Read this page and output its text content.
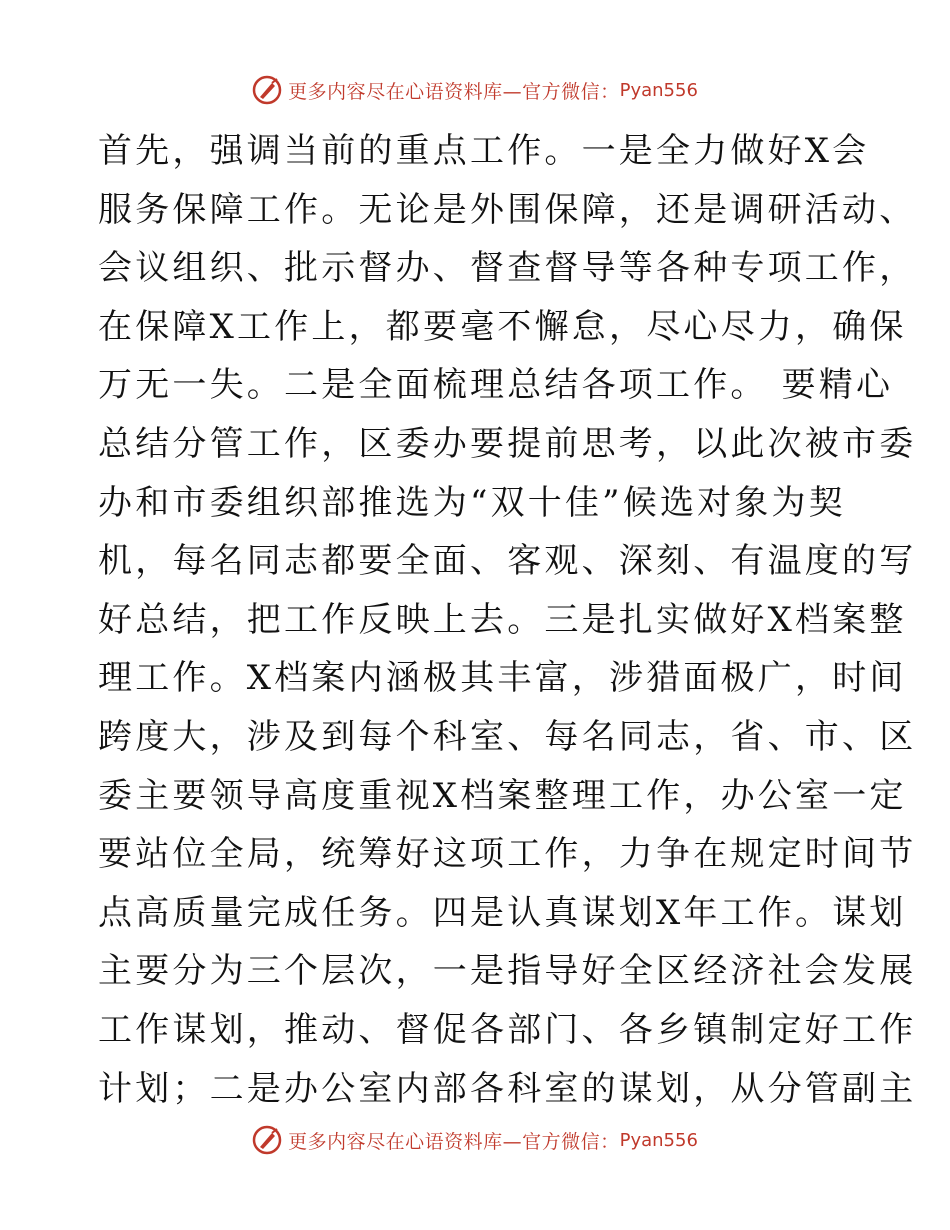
更多内容尽在心语资料库—官方微信： Pyan556
首先，强调当前的重点工作。一是全力做好X会
服务保障工作。无论是外围保障，还是调研活动、
会议组织、批示督办、督查督导等各种专项工作，
在保障X工作上，都要毫不懈怠，尽心尽力，确保
万无一失。二是全面梳理总结各项工作。 要精心
总结分管工作，区委办要提前思考，以此次被市委
办和市委组织部推选为“双十佳”候选对象为契
机，每名同志都要全面、客观、深刻、有温度的写
好总结，把工作反映上去。三是扎实做好X档案整
理工作。X档案内涵极其丰富，涉猎面极广，时间
跨度大，涉及到每个科室、每名同志，省、市、区
委主要领导高度重视X档案整理工作，办公室一定
要站位全局，统筹好这项工作，力争在规定时间节
点高质量完成任务。四是认真谋划X年工作。谋划
主要分为三个层次，一是指导好全区经济社会发展
工作谋划，推动、督促各部门、各乡镇制定好工作
计划；二是办公室内部各科室的谋划，从分管副主
更多内容尽在心语资料库—官方微信： Pyan556
